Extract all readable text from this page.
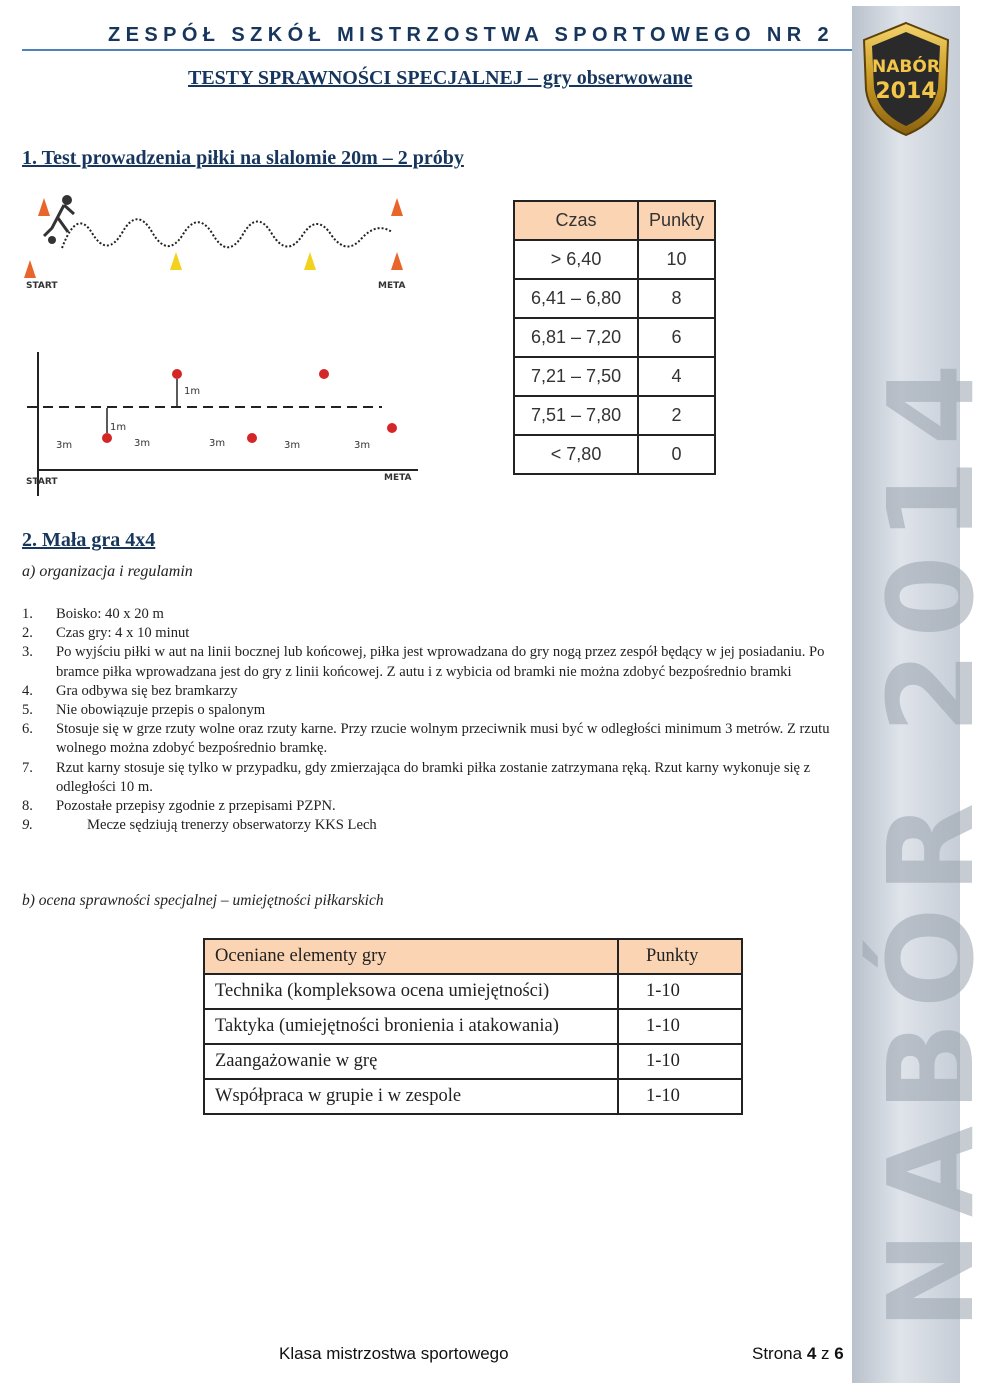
NABÓR 2014
NABÓR
2014
ZESPÓŁ SZKÓŁ MISTRZOSTWA SPORTOWEGO NR 2
TESTY SPRAWNOŚCI SPECJALNEJ – gry obserwowane
1. Test prowadzenia piłki na slalomie 20m – 2 próby
START	META
1m
1m
3m	3m	3m	3m	3m
START	META
Czas	Punkty
> 6,40	10
6,41 – 6,80	8
6,81 – 7,20	6
7,21 – 7,50	4
7,51 – 7,80	2
< 7,80	0
2. Mała gra 4x4
a) organizacja i regulamin
1. Boisko: 40 x 20 m
2. Czas gry: 4 x 10 minut
3. Po wyjściu piłki w aut na linii bocznej lub końcowej, piłka jest wprowadzana do gry nogą przez zespół będący w jej posiadaniu. Po bramce piłka wprowadzana jest do gry z linii końcowej. Z autu i z wybicia od bramki nie można zdobyć bezpośrednio bramki
4. Gra odbywa się bez bramkarzy
5. Nie obowiązuje przepis o spalonym
6. Stosuje się w grze rzuty wolne oraz rzuty karne. Przy rzucie wolnym przeciwnik musi być w odległości minimum 3 metrów. Z rzutu wolnego można zdobyć bezpośrednio bramkę.
7. Rzut karny stosuje się tylko w przypadku, gdy zmierzająca do bramki piłka zostanie zatrzymana ręką. Rzut karny wykonuje się z odległości 10 m.
8. Pozostałe przepisy zgodnie z przepisami PZPN.
9.	Mecze sędziują trenerzy obserwatorzy KKS Lech
b) ocena sprawności specjalnej – umiejętności piłkarskich
Oceniane elementy gry	Punkty
Technika (kompleksowa ocena umiejętności)	1-10
Taktyka (umiejętności bronienia i atakowania)	1-10
Zaangażowanie w grę	1-10
Współpraca w grupie i w zespole	1-10
Klasa mistrzostwa sportowego	Strona 4 z 6
